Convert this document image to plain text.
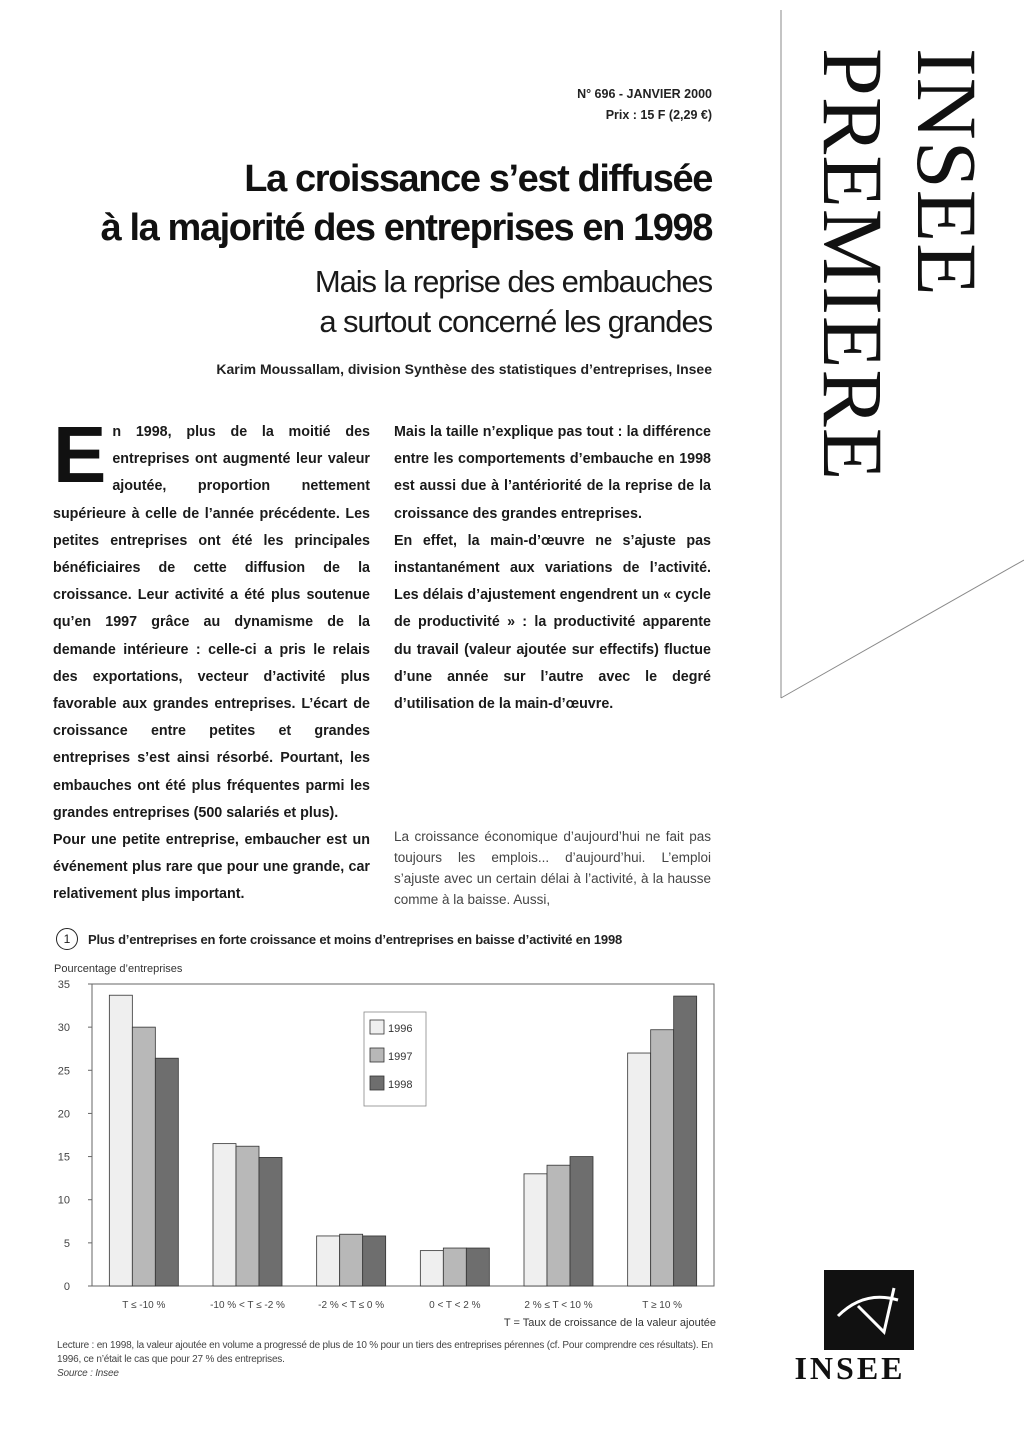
N° 696 - JANVIER 2000
Prix : 15 F (2,29 €)
La croissance s’est diffusée
à la majorité des entreprises en 1998
Mais la reprise des embauches
a surtout concerné les grandes
Karim Moussallam, division Synthèse des statistiques d’entreprises, Insee

En 1998, plus de la moitié des entreprises ont augmenté leur valeur ajoutée, proportion nettement supérieure à celle de l’année précédente. Les petites entreprises ont été les principales bénéficiaires de cette diffusion de la croissance. Leur activité a été plus soutenue qu’en 1997 grâce au dynamisme de la demande intérieure : celle-ci a pris le relais des exportations, vecteur d’activité plus favorable aux grandes entreprises. L’écart de croissance entre petites et grandes entreprises s’est ainsi résorbé. Pourtant, les embauches ont été plus fréquentes parmi les grandes entreprises (500 salariés et plus).

Pour une petite entreprise, embaucher est un événement plus rare que pour une grande, car relativement plus important.

Mais la taille n’explique pas tout : la différence entre les comportements d’embauche en 1998 est aussi due à l’antériorité de la reprise de la croissance des grandes entreprises.

En effet, la main-d’œuvre ne s’ajuste pas instantanément aux variations de l’activité. Les délais d’ajustement engendrent un « cycle de productivité » : la productivité apparente du travail (valeur ajoutée sur effectifs) fluctue d’une année sur l’autre avec le degré d’utilisation de la main-d’œuvre.

La croissance économique d’aujourd’hui ne fait pas toujours les emplois... d’aujourd’hui. L’emploi s’ajuste avec un certain délai à l’activité, à la hausse comme à la baisse. Aussi,

INSEE
PREMIERE
1	Plus d’entreprises en forte croissance et moins d’entreprises en baisse d’activité en 1998
Pourcentage d’entreprises
0
5
10
15
20
25
30
35
T ≤ -10 %	-10 % < T ≤ -2 %	-2 % < T ≤ 0 %	0 < T < 2 %	2 % ≤ T < 10 %	T ≥ 10 %
1996
1997
1998
T = Taux de croissance de la valeur ajoutée

Lecture : en 1998, la valeur ajoutée en volume a progressé de plus de 10 % pour un tiers des entreprises pérennes (cf. Pour comprendre ces résultats). En 1996, ce n’était le cas que pour 27 % des entreprises.

Source : Insee	INSEE
